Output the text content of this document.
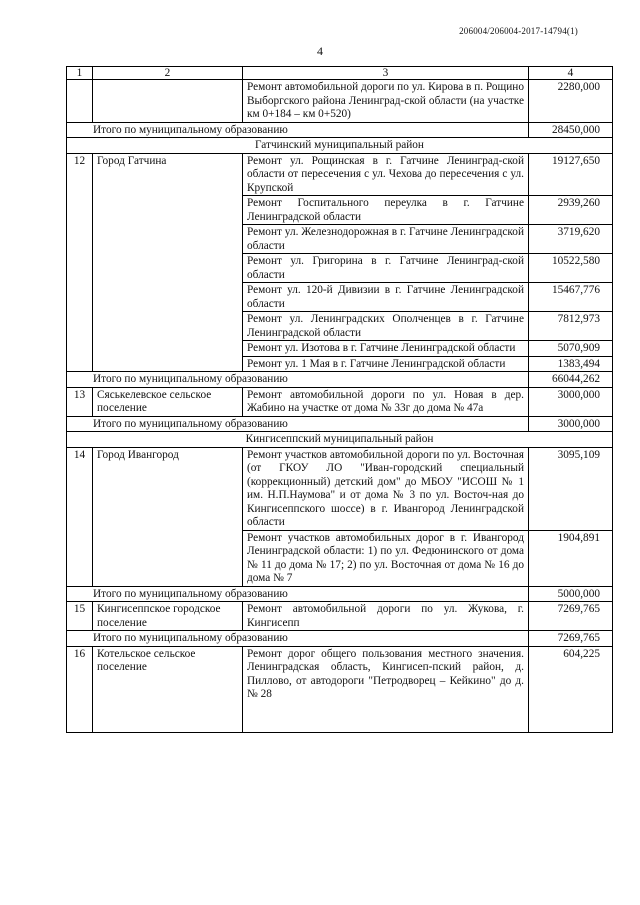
206004/206004-2017-14794(1)
4
1	2	3	4
		Ремонт автомобильной дороги по ул. Кирова в п. Рощино Выборгского района Ленинград-ской области (на участке км 0+184 – км 0+520)	2280,000
Итого по муниципальному образованию			28450,000
Гатчинский муниципальный район			
12	Город Гатчина	Ремонт ул. Рощинская в г. Гатчине Ленинград-ской области от пересечения с ул. Чехова до пересечения с ул. Крупской	19127,650
		Ремонт Госпитального переулка в г. Гатчине Ленинградской области	2939,260
		Ремонт ул. Железнодорожная в г. Гатчине Ленинградской области	3719,620
		Ремонт ул. Григорина в г. Гатчине Ленинград-ской области	10522,580
		Ремонт ул. 120-й Дивизии в г. Гатчине Ленинградской области	15467,776
		Ремонт ул. Ленинградских Ополченцев в г. Гатчине Ленинградской области	7812,973
		Ремонт ул. Изотова в г. Гатчине Ленинградской области	5070,909
		Ремонт ул. 1 Мая в г. Гатчине Ленинградской области	1383,494
Итого по муниципальному образованию			66044,262
13	Сяськелевское сельское поселение	Ремонт автомобильной дороги по ул. Новая в дер. Жабино на участке от дома № 33г до дома № 47а	3000,000
Итого по муниципальному образованию			3000,000
Кингисеппский муниципальный район			
14	Город Ивангород	Ремонт участков автомобильной дороги по ул. Восточная (от ГКОУ ЛО "Иван-городский специальный (коррекционный) детский дом" до МБОУ "ИСОШ № 1 им. Н.П.Наумова" и от дома № 3 по ул. Восточ-ная до Кингисеппского шоссе) в г. Ивангород Ленинградской области	3095,109
		Ремонт участков автомобильных дорог в г. Ивангород Ленинградской области: 1) по ул. Федюнинского от дома № 11 до дома № 17; 2) по ул. Восточная от дома № 16 до дома № 7	1904,891
Итого по муниципальному образованию			5000,000
15	Кингисеппское городское поселение	Ремонт автомобильной дороги по ул. Жукова, г. Кингисепп	7269,765
Итого по муниципальному образованию			7269,765
16	Котельское сельское поселение	Ремонт дорог общего пользования местного значения. Ленинградская область, Кингисеп-пский район, д. Пиллово, от автодороги "Петродворец – Кейкино" до д. № 28	604,225
